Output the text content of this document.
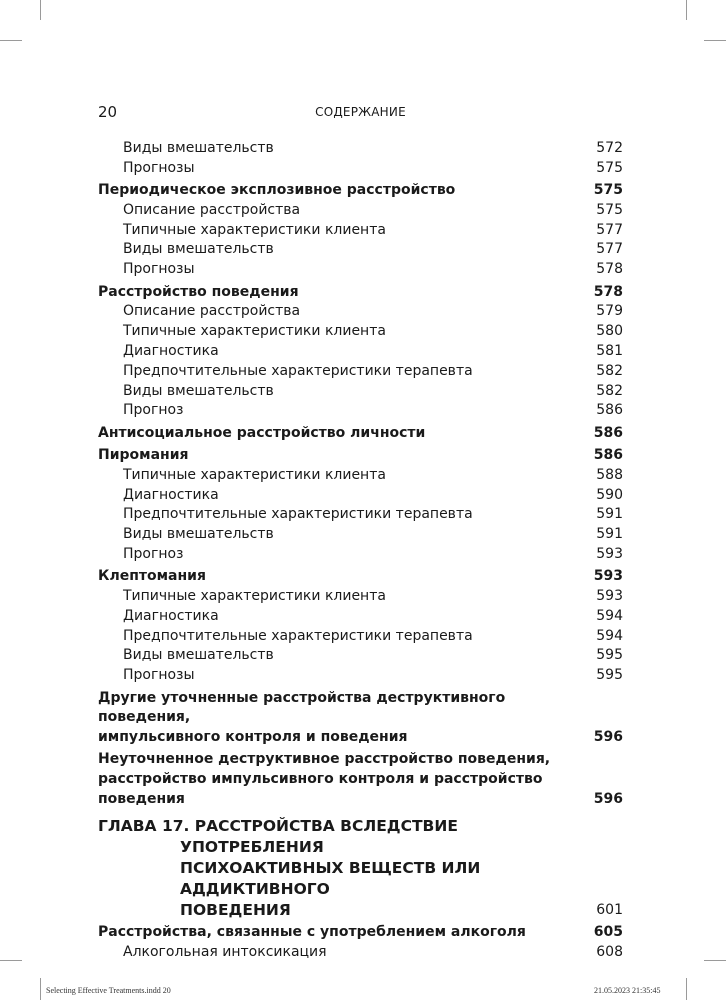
20	СОДЕРЖАНИЕ
Виды вмешательств	572
Прогнозы	575
Периодическое эксплозивное расстройство	575
Описание расстройства	575
Типичные характеристики клиента	577
Виды вмешательств	577
Прогнозы	578
Расстройство поведения	578
Описание расстройства	579
Типичные характеристики клиента	580
Диагностика	581
Предпочтительные характеристики терапевта	582
Виды вмешательств	582
Прогноз	586
Антисоциальное расстройство личности	586
Пиромания	586
Типичные характеристики клиента	588
Диагностика	590
Предпочтительные характеристики терапевта	591
Виды вмешательств	591
Прогноз	593
Клептомания	593
Типичные характеристики клиента	593
Диагностика	594
Предпочтительные характеристики терапевта	594
Виды вмешательств	595
Прогнозы	595
Другие уточненные расстройства деструктивного поведения,
импульсивного контроля и поведения	596
Неуточненное деструктивное расстройство поведения,
расстройство импульсивного контроля и расстройство
поведения	596
ГЛАВА 17. РАССТРОЙСТВА ВСЛЕДСТВИЕ УПОТРЕБЛЕНИЯ
ПСИХОАКТИВНЫХ ВЕЩЕСТВ ИЛИ АДДИКТИВНОГО
ПОВЕДЕНИЯ	601
Расстройства, связанные с употреблением алкоголя	605
Алкогольная интоксикация	608
Selecting Effective Treatments.indd 20	21.05.2023 21:35:45
